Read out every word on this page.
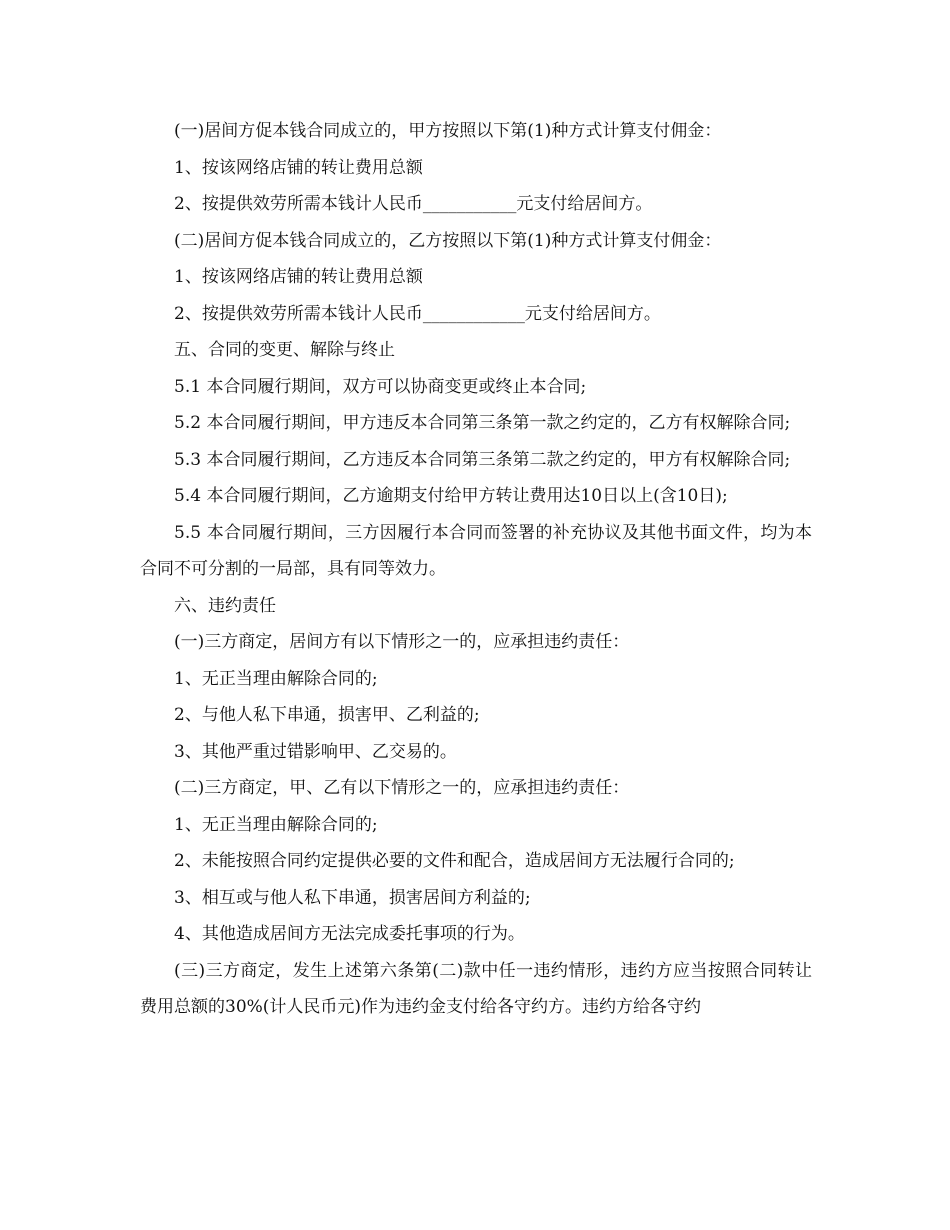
(一)居间方促本钱合同成立的，甲方按照以下第(1)种方式计算支付佣金：

1、按该网络店铺的转让费用总额

2、按提供效劳所需本钱计人民币___________元支付给居间方。

(二)居间方促本钱合同成立的，乙方按照以下第(1)种方式计算支付佣金：

1、按该网络店铺的转让费用总额

2、按提供效劳所需本钱计人民币____________元支付给居间方。

五、合同的变更、解除与终止

5.1 本合同履行期间，双方可以协商变更或终止本合同;

5.2 本合同履行期间，甲方违反本合同第三条第一款之约定的，乙方有权解除合同;

5.3 本合同履行期间，乙方违反本合同第三条第二款之约定的，甲方有权解除合同;

5.4 本合同履行期间，乙方逾期支付给甲方转让费用达10日以上(含10日);

5.5 本合同履行期间，三方因履行本合同而签署的补充协议及其他书面文件，均为本合同不可分割的一局部，具有同等效力。

六、违约责任

(一)三方商定，居间方有以下情形之一的，应承担违约责任：

1、无正当理由解除合同的;

2、与他人私下串通，损害甲、乙利益的;

3、其他严重过错影响甲、乙交易的。

(二)三方商定，甲、乙有以下情形之一的，应承担违约责任：

1、无正当理由解除合同的;

2、未能按照合同约定提供必要的文件和配合，造成居间方无法履行合同的;

3、相互或与他人私下串通，损害居间方利益的;

4、其他造成居间方无法完成委托事项的行为。

(三)三方商定，发生上述第六条第(二)款中任一违约情形，违约方应当按照合同转让费用总额的30%(计人民币元)作为违约金支付给各守约方。违约方给各守约
